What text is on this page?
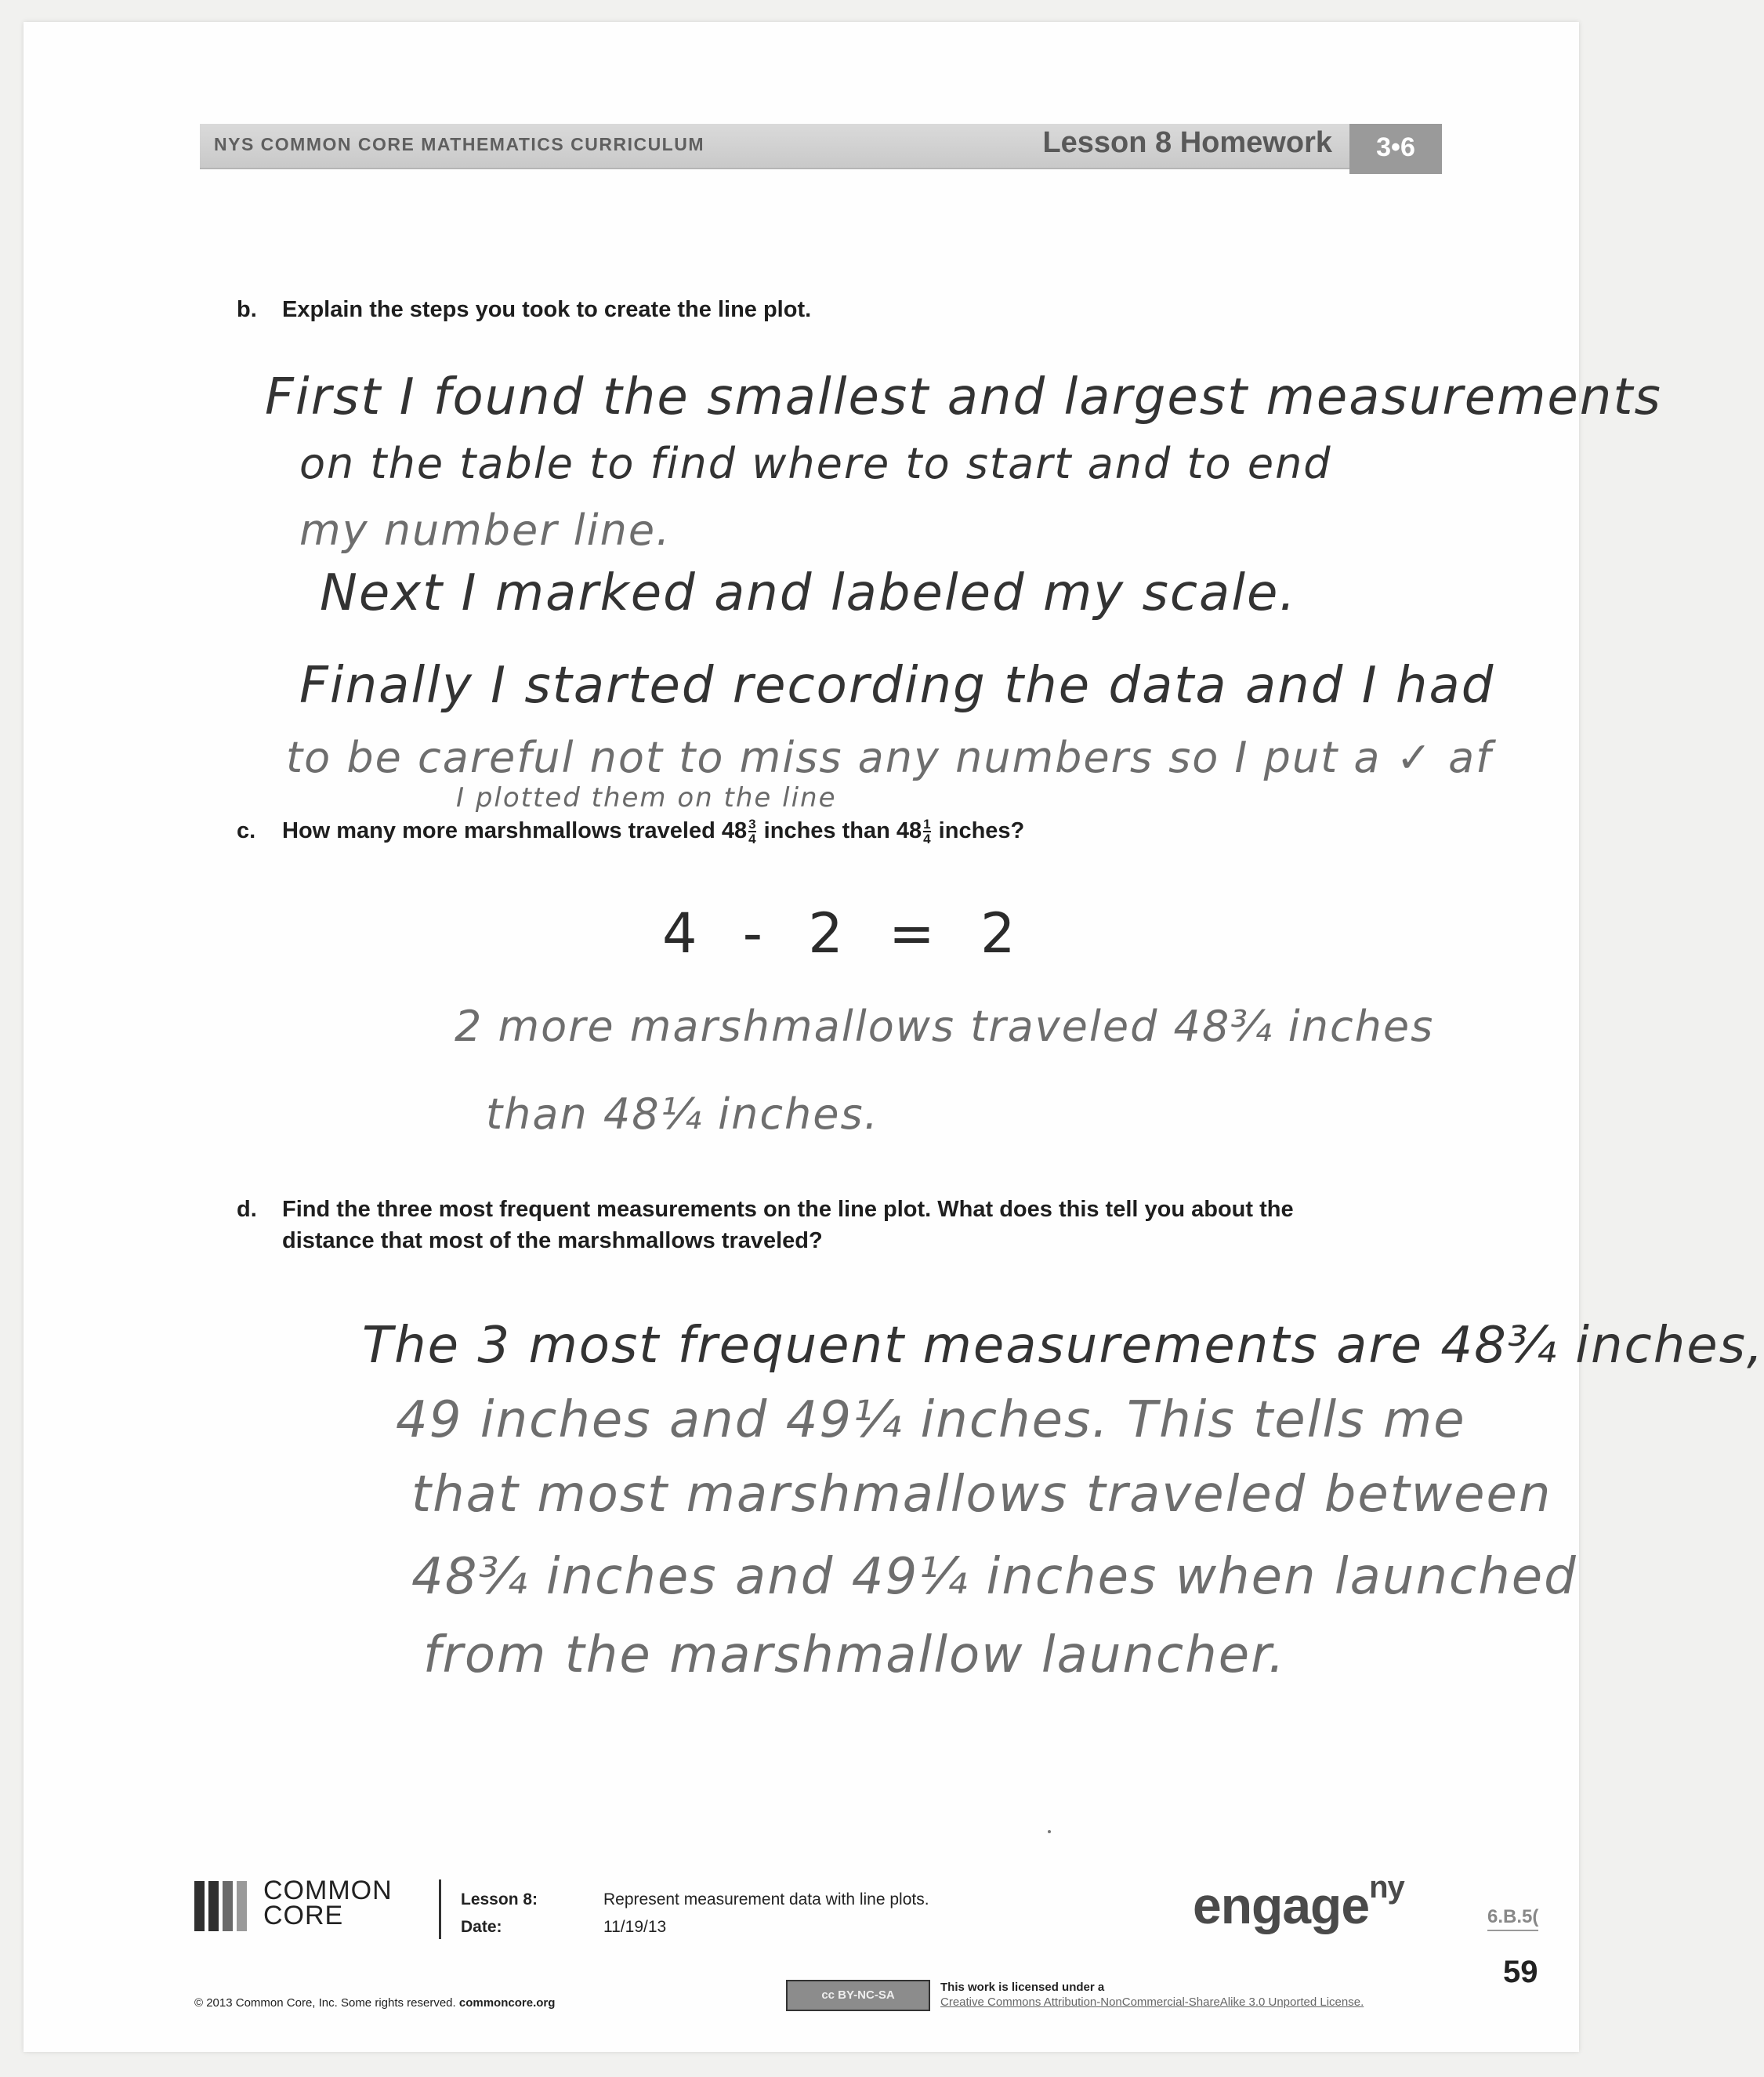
NYS COMMON CORE MATHEMATICS CURRICULUM	Lesson 8 Homework	3•6
b. Explain the steps you took to create the line plot.
First I found the smallest and largest measurements
on the table to find where to start and to end
my number line.
Next I marked and labeled my scale.
Finally I started recording the data and I had
to be careful not to miss any numbers so I put a ✓ af
I plotted them on the line
c. How many more marshmallows traveled $48 \frac{3}{4}$ inches than $48 \frac{1}{4}$ inches?
4 - 2 = 2
2 more marshmallows traveled 48¾ inches
than 48¼ inches.
d. Find the three most frequent measurements on the line plot. What does this tell you about the
distance that most of the marshmallows traveled?
The 3 most frequent measurements are 48¾ inches,
49 inches and 49¼ inches. This tells me
that most marshmallows traveled between
48¾ inches and 49¼ inches when launched
from the marshmallow launcher.
COMMON
CORE
Lesson 8:	Represent measurement data with line plots.
Date:	11/19/13	engage$^{ny}$
6.B.5(
59
© 2013 Common Core, Inc. Some rights reserved. commoncore.org
cc BY-NC-SA
This work is licensed under a
Creative Commons Attribution-NonCommercial-ShareAlike 3.0 Unported License.
